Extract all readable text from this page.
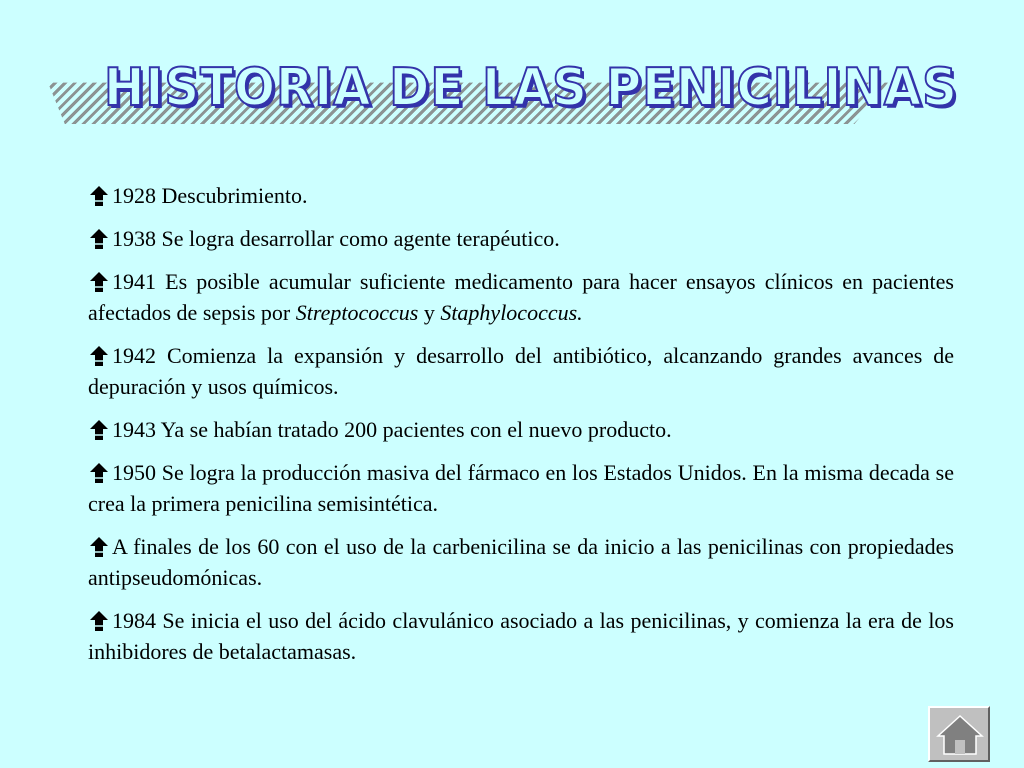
HISTORIA DE LAS PENICILINAS

1928 Descubrimiento.

1938 Se logra desarrollar como agente terapéutico.

1941 Es posible acumular suficiente medicamento para hacer ensayos clínicos en pacientes afectados de sepsis por Streptococcus y Staphylococcus.

1942 Comienza la expansión y desarrollo del antibiótico, alcanzando grandes avances de depuración y usos químicos.

1943 Ya se habían tratado 200 pacientes con el nuevo producto.

1950 Se logra la producción masiva del fármaco en los Estados Unidos. En la misma decada se crea la primera penicilina semisintética.

A finales de los 60 con el uso de la carbenicilina se da inicio a las penicilinas con propiedades antipseudomónicas.

1984 Se inicia el uso del ácido clavulánico asociado a las penicilinas, y comienza la era de los inhibidores de betalactamasas.
